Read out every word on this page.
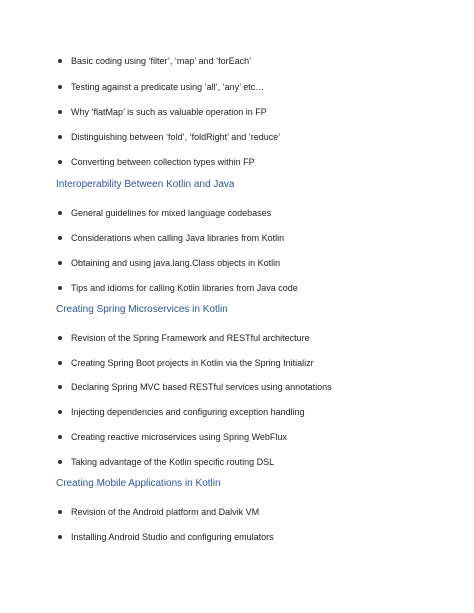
Basic coding using ‘filter’, ‘map’ and ‘forEach’
Testing against a predicate using ‘all’, ‘any’ etc…
Why ‘flatMap’ is such as valuable operation in FP
Distinguishing between ‘fold’, ‘foldRight’ and ‘reduce’
Converting between collection types within FP
Interoperability Between Kotlin and Java
General guidelines for mixed language codebases
Considerations when calling Java libraries from Kotlin
Obtaining and using java.lang.Class objects in Kotlin
Tips and idioms for calling Kotlin libraries from Java code
Creating Spring Microservices in Kotlin
Revision of the Spring Framework and RESTful architecture
Creating Spring Boot projects in Kotlin via the Spring Initializr
Declaring Spring MVC based RESTful services using annotations
Injecting dependencies and configuring exception handling
Creating reactive microservices using Spring WebFlux
Taking advantage of the Kotlin specific routing DSL
Creating Mobile Applications in Kotlin
Revision of the Android platform and Dalvik VM
Installing Android Studio and configuring emulators
